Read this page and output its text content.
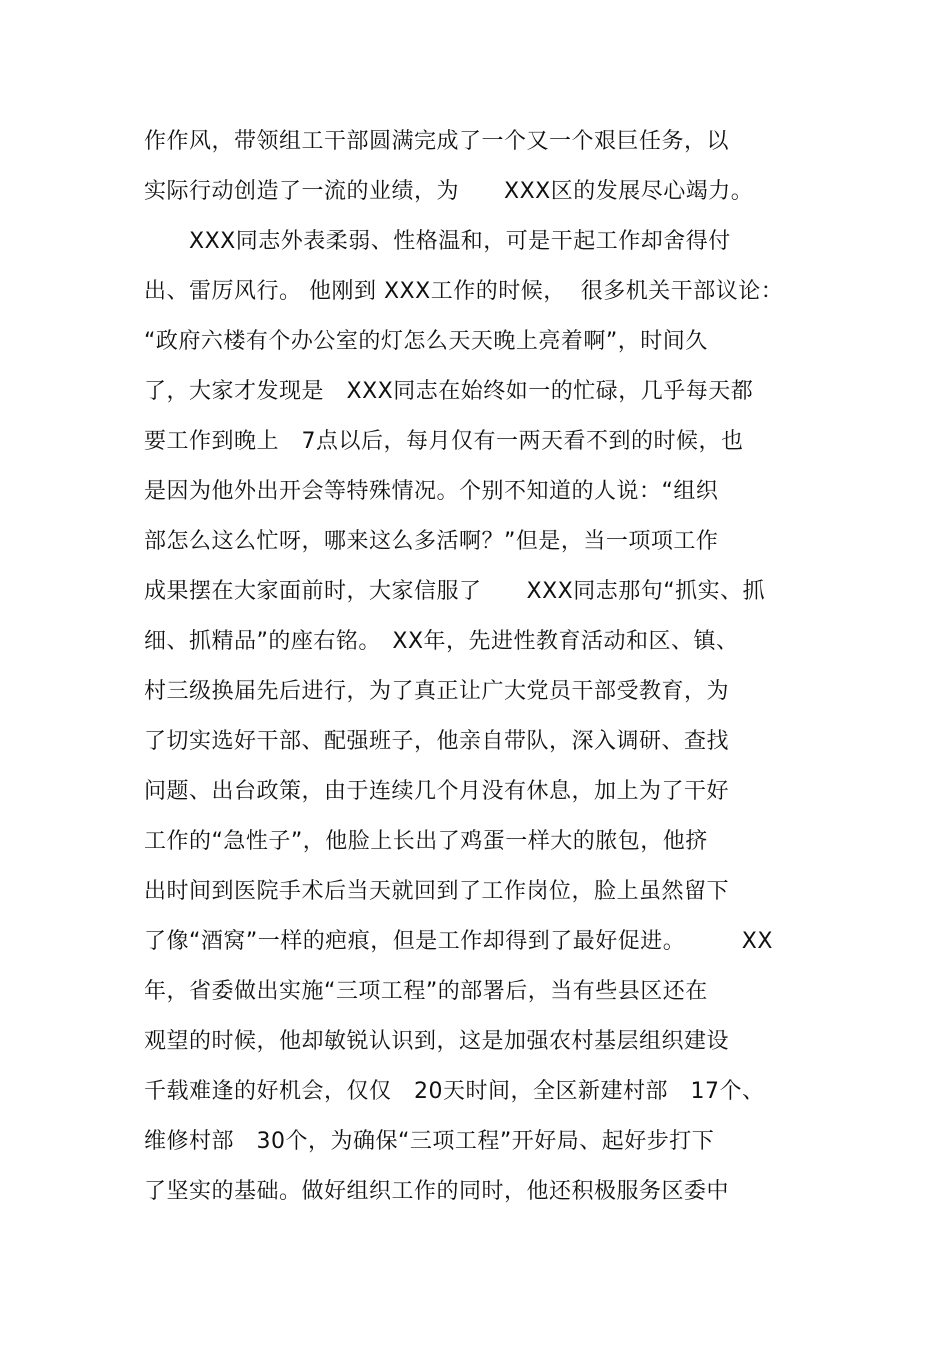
作作风，带领组工干部圆满完成了一个又一个艰巨任务，以
实际行动创造了一流的业绩，为　　XXX区的发展尽心竭力。
　　XXX同志外表柔弱、性格温和，可是干起工作却舍得付
出、雷厉风行。 他刚到 XXX工作的时候，  很多机关干部议论：
“政府六楼有个办公室的灯怎么天天晚上亮着啊”，时间久
了，大家才发现是　XXX同志在始终如一的忙碌，几乎每天都
要工作到晚上　7点以后，每月仅有一两天看不到的时候，也
是因为他外出开会等特殊情况。个别不知道的人说：“组织
部怎么这么忙呀，哪来这么多活啊？”但是，当一项项工作
成果摆在大家面前时，大家信服了　　XXX同志那句“抓实、抓
细、抓精品”的座右铭。　XX年，先进性教育活动和区、镇、
村三级换届先后进行，为了真正让广大党员干部受教育，为
了切实选好干部、配强班子，他亲自带队，深入调研、查找
问题、出台政策，由于连续几个月没有休息，加上为了干好
工作的“急性子”，他脸上长出了鸡蛋一样大的脓包，他挤
出时间到医院手术后当天就回到了工作岗位，脸上虽然留下
了像“酒窝”一样的疤痕，但是工作却得到了最好促进。　　　XX
年，省委做出实施“三项工程”的部署后，当有些县区还在
观望的时候，他却敏锐认识到，这是加强农村基层组织建设
千载难逢的好机会，仅仅　20天时间，全区新建村部　17个、
维修村部　30个，为确保“三项工程”开好局、起好步打下
了坚实的基础。做好组织工作的同时，他还积极服务区委中
